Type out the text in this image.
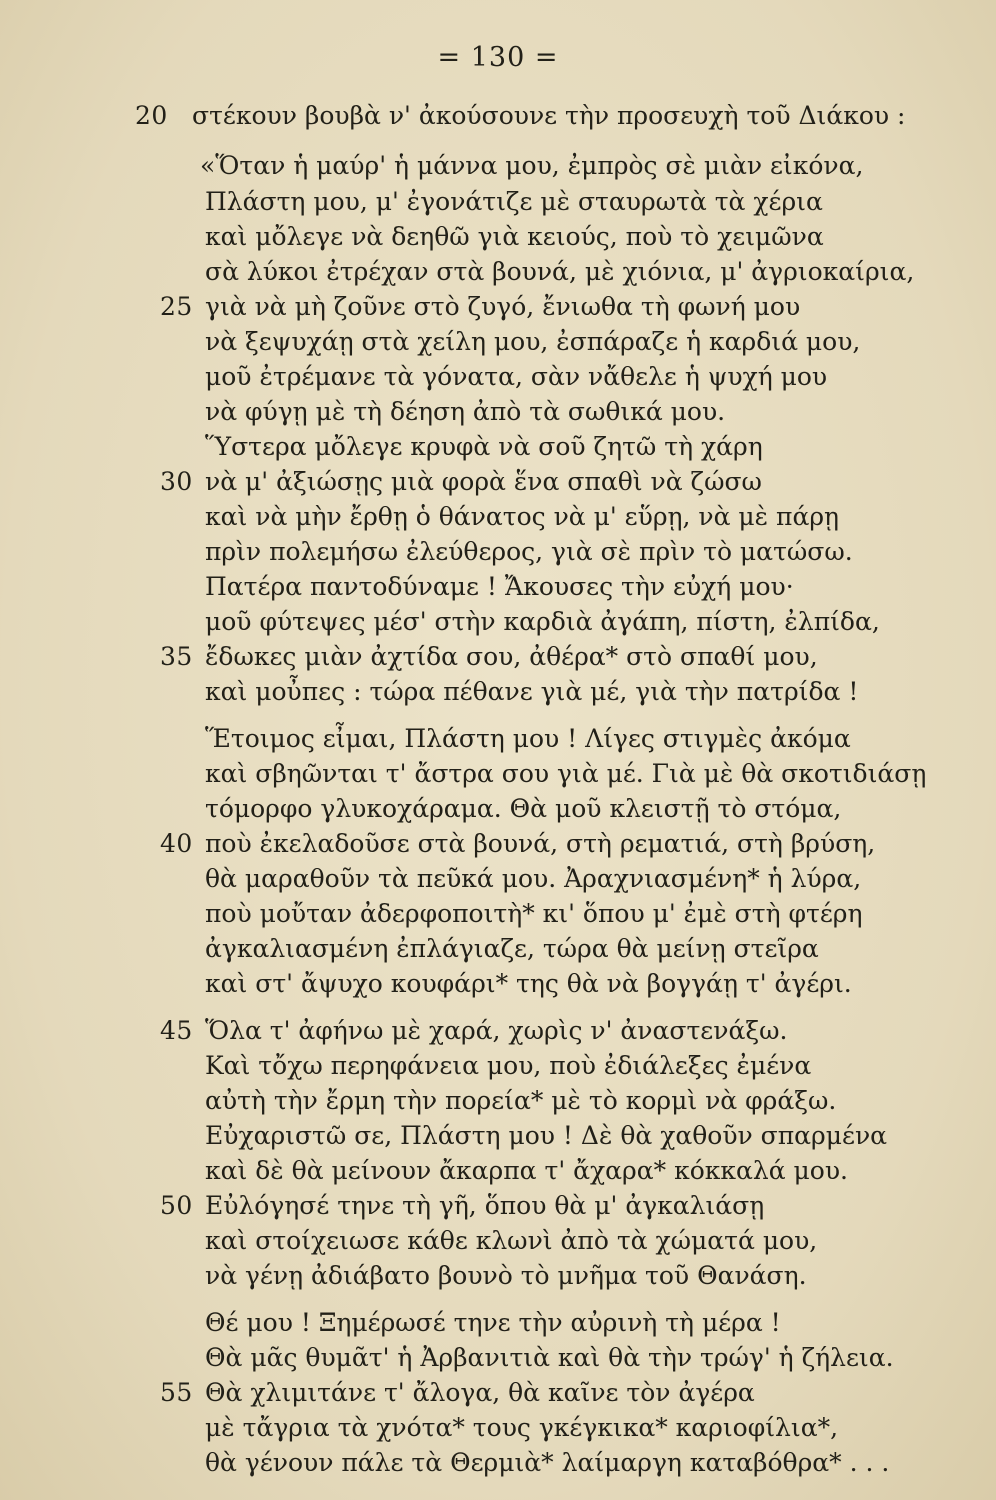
= 130 =
20 στέκουν βουβὰ ν' ἀκούσουνε τὴν προσευχὴ τοῦ Διάκου :
«Ὅταν ἡ μαύρ' ἡ μάννα μου, ἐμπρὸς σὲ μιὰν εἰκόνα,
Πλάστη μου, μ' ἐγονάτιζε μὲ σταυρωτὰ τὰ χέρια
καὶ μὄλεγε νὰ δεηθῶ γιὰ κειούς, ποὺ τὸ χειμῶνα
σὰ λύκοι ἐτρέχαν στὰ βουνά, μὲ χιόνια, μ' ἀγριοκαίρια,
25 γιὰ νὰ μὴ ζοῦνε στὸ ζυγό, ἔνιωθα τὴ φωνή μου
νὰ ξεψυχάῃ στὰ χείλη μου, ἐσπάραζε ἡ καρδιά μου,
μοῦ ἐτρέμανε τὰ γόνατα, σὰν νἄθελε ἡ ψυχή μου
νὰ φύγῃ μὲ τὴ δέηση ἀπὸ τὰ σωθικά μου.
Ὕστερα μὄλεγε κρυφὰ νὰ σοῦ ζητῶ τὴ χάρη
30 νὰ μ' ἀξιώσῃς μιὰ φορὰ ἕνα σπαθὶ νὰ ζώσω
καὶ νὰ μὴν ἔρθῃ ὁ θάνατος νὰ μ' εὕρῃ, νὰ μὲ πάρῃ
πρὶν πολεμήσω ἐλεύθερος, γιὰ σὲ πρὶν τὸ ματώσω.
Πατέρα παντοδύναμε ! Ἄκουσες τὴν εὐχή μου·
μοῦ φύτεψες μέσ' στὴν καρδιὰ ἀγάπη, πίστη, ἐλπίδα,
35 ἔδωκες μιὰν ἀχτίδα σου, ἀθέρα* στὸ σπαθί μου,
καὶ μοὖπες : τώρα πέθανε γιὰ μέ, γιὰ τὴν πατρίδα !
Ἕτοιμος εἶμαι, Πλάστη μου ! Λίγες στιγμὲς ἀκόμα
καὶ σβηῶνται τ' ἄστρα σου γιὰ μέ. Γιὰ μὲ θὰ σκοτιδιάσῃ
τόμορφο γλυκοχάραμα. Θὰ μοῦ κλειστῇ τὸ στόμα,
40 ποὺ ἐκελαδοῦσε στὰ βουνά, στὴ ρεματιά, στὴ βρύση,
θὰ μαραθοῦν τὰ πεῦκά μου. Ἀραχνιασμένη* ἡ λύρα,
ποὺ μοὔταν ἀδερφοποιτὴ* κι' ὅπου μ' ἐμὲ στὴ φτέρη
ἀγκαλιασμένη ἐπλάγιαζε, τώρα θὰ μείνῃ στεῖρα
καὶ στ' ἄψυχο κουφάρι* της θὰ νὰ βογγάῃ τ' ἀγέρι.
45 Ὅλα τ' ἀφήνω μὲ χαρά, χωρὶς ν' ἀναστενάξω.
Καὶ τὄχω περηφάνεια μου, ποὺ ἐδιάλεξες ἐμένα
αὐτὴ τὴν ἔρμη τὴν πορεία* μὲ τὸ κορμὶ νὰ φράξω.
Εὐχαριστῶ σε, Πλάστη μου ! Δὲ θὰ χαθοῦν σπαρμένα
καὶ δὲ θὰ μείνουν ἄκαρπα τ' ἄχαρα* κόκκαλά μου.
50 Εὐλόγησέ τηνε τὴ γῆ, ὅπου θὰ μ' ἀγκαλιάσῃ
καὶ στοίχειωσε κάθε κλωνὶ ἀπὸ τὰ χώματά μου,
νὰ γένῃ ἀδιάβατο βουνὸ τὸ μνῆμα τοῦ Θανάση.
Θέ μου ! Ξημέρωσέ τηνε τὴν αὐρινὴ τὴ μέρα !
Θὰ μᾶς θυμᾶτ' ἡ Ἀρβανιτιὰ καὶ θὰ τὴν τρώγ' ἡ ζήλεια.
55 Θὰ χλιμιτάνε τ' ἄλογα, θὰ καῖνε τὸν ἀγέρα
μὲ τἄγρια τὰ χνότα* τους γκέγκικα* καριοφίλια*,
θὰ γένουν πάλε τὰ Θερμιὰ* λαίμαργη καταβόθρα* . . .
